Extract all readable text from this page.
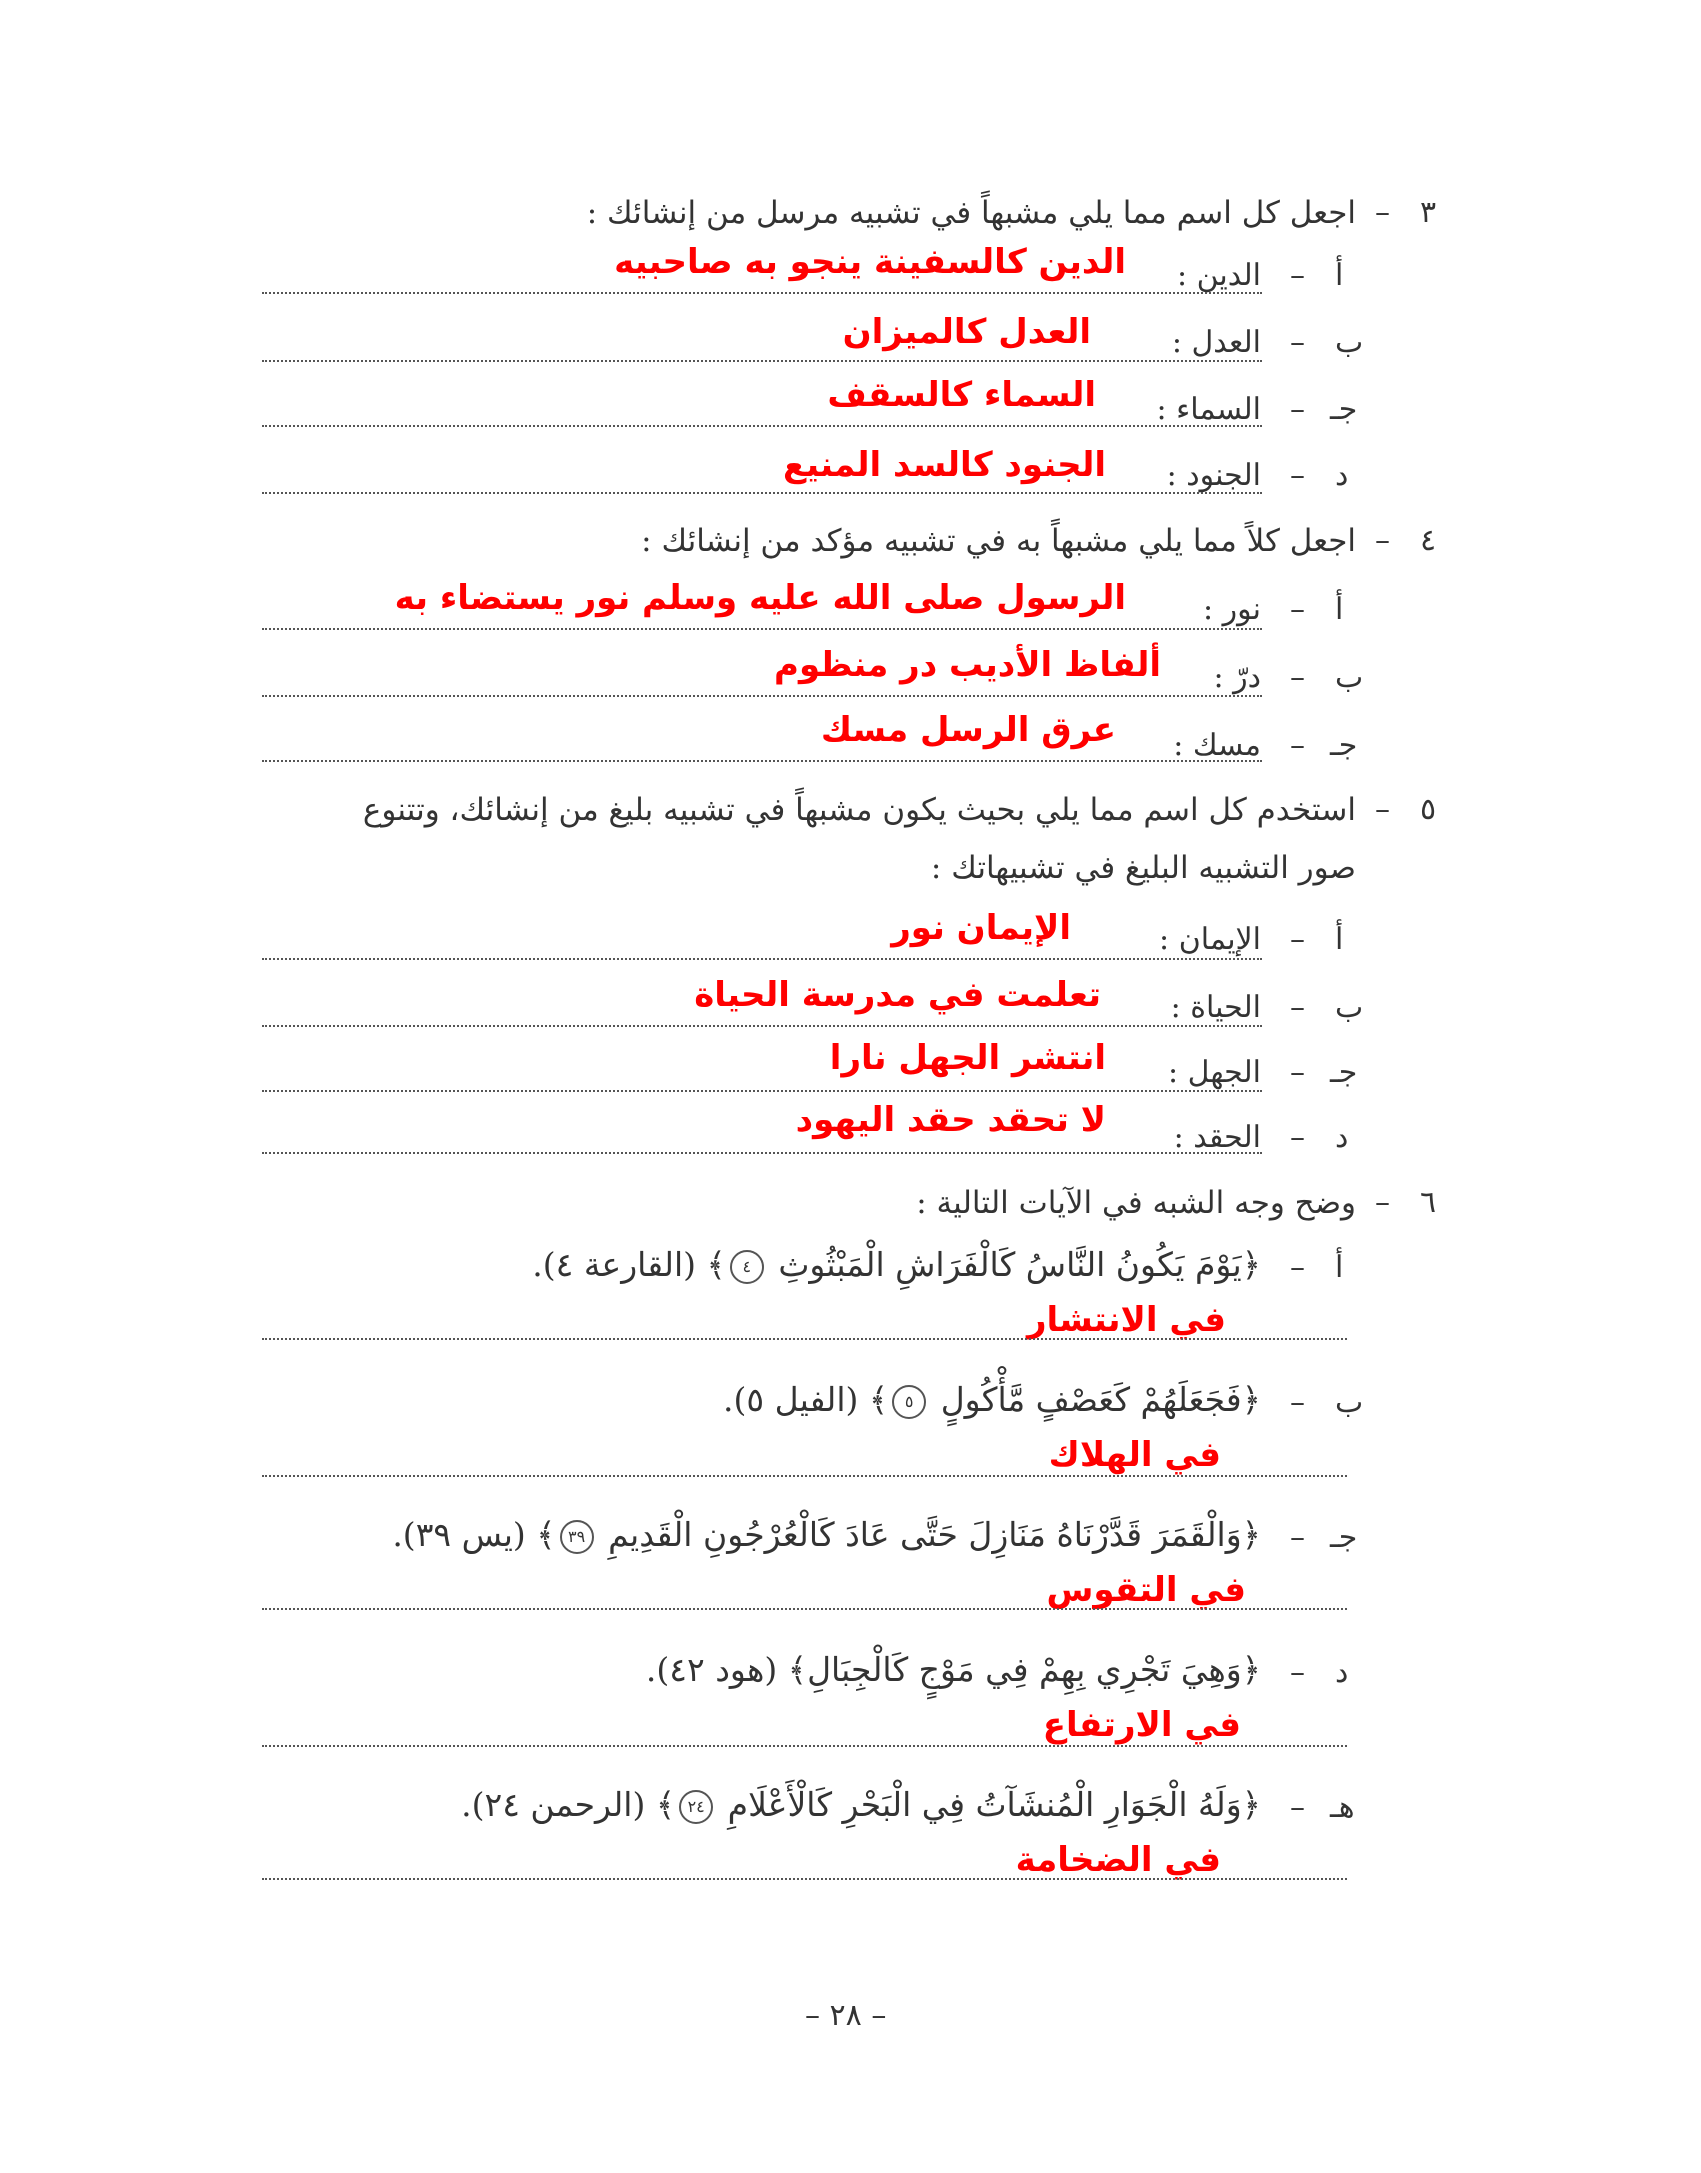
٣
–
اجعل كل اسم مما يلي مشبهاً في تشبيه مرسل من إنشائك :
أ
–
الدين :
الدين كالسفينة ينجو به صاحبيه
ب
–
العدل :
العدل كالميزان
جـ
–
السماء :
السماء كالسقف
د
–
الجنود :
الجنود كالسد المنيع
٤
–
اجعل كلاً مما يلي مشبهاً به في تشبيه مؤكد من إنشائك :
أ
–
نور :
الرسول صلى الله عليه وسلم نور يستضاء به
ب
–
درّ :
ألفاظ الأديب در منظوم
جـ
–
مسك :
عرق الرسل مسك
٥
–
استخدم كل اسم مما يلي بحيث يكون مشبهاً في تشبيه بليغ من إنشائك، وتتنوع
صور التشبيه البليغ في تشبيهاتك :
أ
–
الإيمان :
الإيمان نور
ب
–
الحياة :
تعلمت في مدرسة الحياة
جـ
–
الجهل :
انتشر الجهل نارا
د
–
الحقد :
لا تحقد حقد اليهود
٦
–
وضح وجه الشبه في الآيات التالية :
أ
–
﴿يَوْمَ يَكُونُ النَّاسُ كَالْفَرَاشِ الْمَبْثُوثِ ٤﴾ (القارعة ٤).
في الانتشار
ب
–
﴿فَجَعَلَهُمْ كَعَصْفٍ مَّأْكُولٍ ٥﴾ (الفيل ٥).
في الهلاك
جـ
–
﴿وَالْقَمَرَ قَدَّرْنَاهُ مَنَازِلَ حَتَّى عَادَ كَالْعُرْجُونِ الْقَدِيمِ ٣٩﴾ (يس ٣٩).
في التقوس
د
–
﴿وَهِيَ تَجْرِي بِهِمْ فِي مَوْجٍ كَالْجِبَالِ﴾ (هود ٤٢).
في الارتفاع
هـ
–
﴿وَلَهُ الْجَوَارِ الْمُنشَآتُ فِي الْبَحْرِ كَالْأَعْلَامِ ٢٤﴾ (الرحمن ٢٤).
في الضخامة
– ٢٨ –
